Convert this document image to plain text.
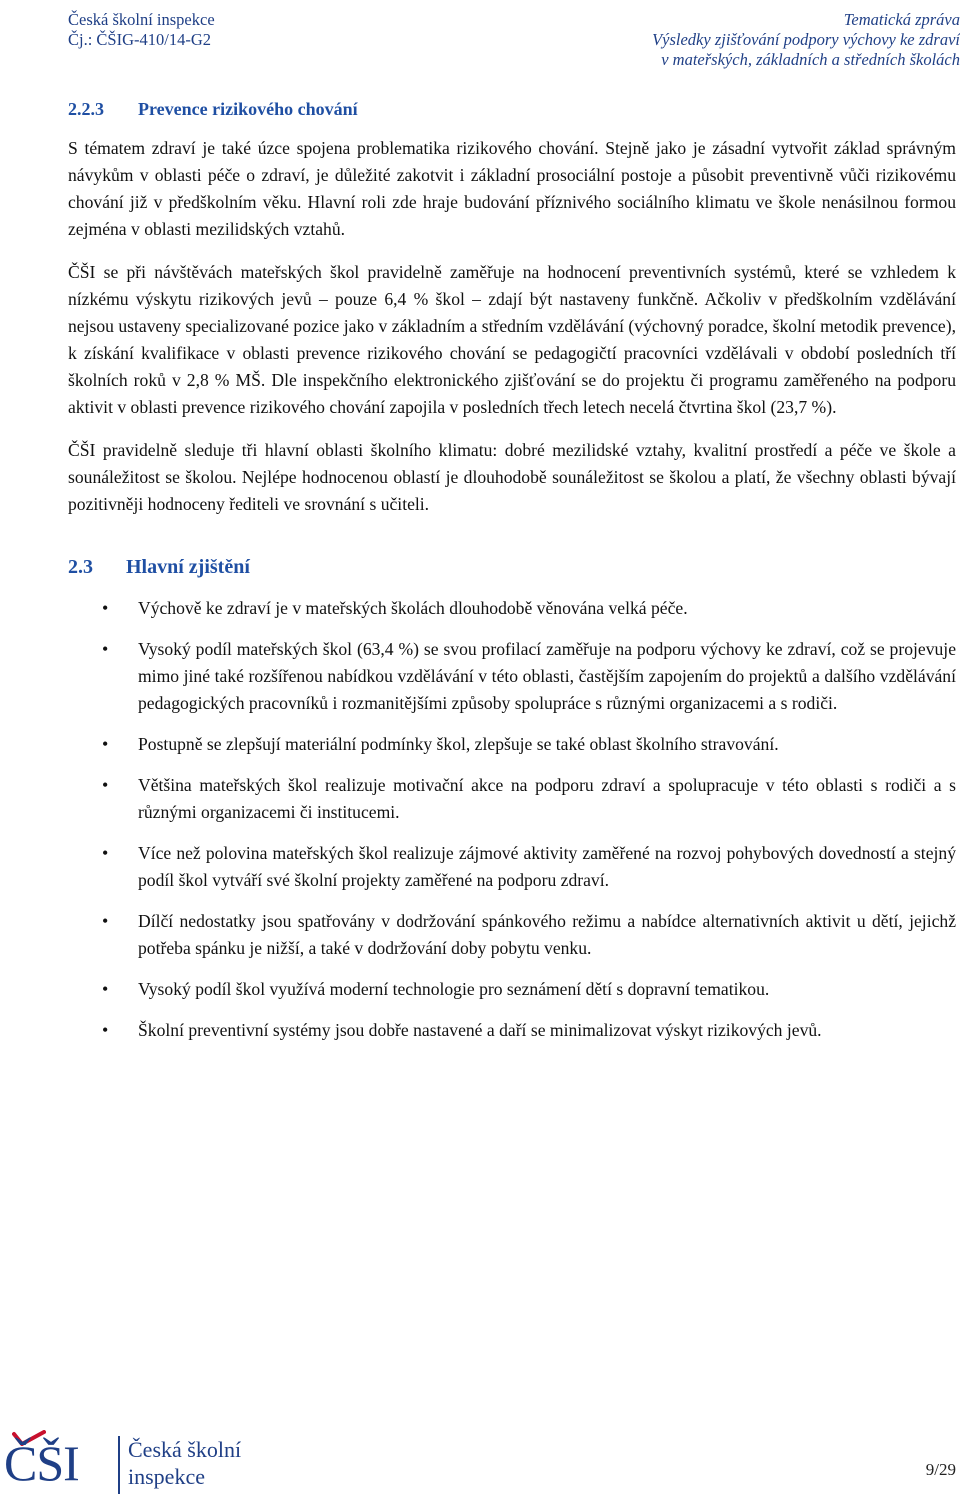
Česká školní inspekce
Čj.: ČŠIG-410/14-G2
Tematická zpráva
Výsledky zjišťování podpory výchovy ke zdraví
v mateřských, základních a středních školách
2.2.3 Prevence rizikového chování

S tématem zdraví je také úzce spojena problematika rizikového chování. Stejně jako je zásadní vytvořit základ správným návykům v oblasti péče o zdraví, je důležité zakotvit i základní prosociální postoje a působit preventivně vůči rizikovému chování již v předškolním věku. Hlavní roli zde hraje budování příznivého sociálního klimatu ve škole nenásilnou formou zejména v oblasti mezilidských vztahů.

ČŠI se při návštěvách mateřských škol pravidelně zaměřuje na hodnocení preventivních systémů, které se vzhledem k nízkému výskytu rizikových jevů – pouze 6,4 % škol – zdají být nastaveny funkčně. Ačkoliv v předškolním vzdělávání nejsou ustaveny specializované pozice jako v základním a středním vzdělávání (výchovný poradce, školní metodik prevence), k získání kvalifikace v oblasti prevence rizikového chování se pedagogičtí pracovníci vzdělávali v období posledních tří školních roků v 2,8 % MŠ. Dle inspekčního elektronického zjišťování se do projektu či programu zaměřeného na podporu aktivit v oblasti prevence rizikového chování zapojila v posledních třech letech necelá čtvrtina škol (23,7 %).

ČŠI pravidelně sleduje tři hlavní oblasti školního klimatu: dobré mezilidské vztahy, kvalitní prostředí a péče ve škole a sounáležitost se školou. Nejlépe hodnocenou oblastí je dlouhodobě sounáležitost se školou a platí, že všechny oblasti bývají pozitivněji hodnoceny řediteli ve srovnání s učiteli.

2.3 Hlavní zjištění
• Výchově ke zdraví je v mateřských školách dlouhodobě věnována velká péče.
• Vysoký podíl mateřských škol (63,4 %) se svou profilací zaměřuje na podporu výchovy ke zdraví, což se projevuje mimo jiné také rozšířenou nabídkou vzdělávání v této oblasti, častějším zapojením do projektů a dalšího vzdělávání pedagogických pracovníků i rozmanitějšími způsoby spolupráce s různými organizacemi a s rodiči.
• Postupně se zlepšují materiální podmínky škol, zlepšuje se také oblast školního stravování.
• Většina mateřských škol realizuje motivační akce na podporu zdraví a spolupracuje v této oblasti s rodiči a s různými organizacemi či institucemi.
• Více než polovina mateřských škol realizuje zájmové aktivity zaměřené na rozvoj pohybových dovedností a stejný podíl škol vytváří své školní projekty zaměřené na podporu zdraví.
• Dílčí nedostatky jsou spatřovány v dodržování spánkového režimu a nabídce alternativních aktivit u dětí, jejichž potřeba spánku je nižší, a také v dodržování doby pobytu venku.
• Vysoký podíl škol využívá moderní technologie pro seznámení dětí s dopravní tematikou.
• Školní preventivní systémy jsou dobře nastavené a daří se minimalizovat výskyt rizikových jevů.
ČŠI Česká školní
inspekce	9/29
